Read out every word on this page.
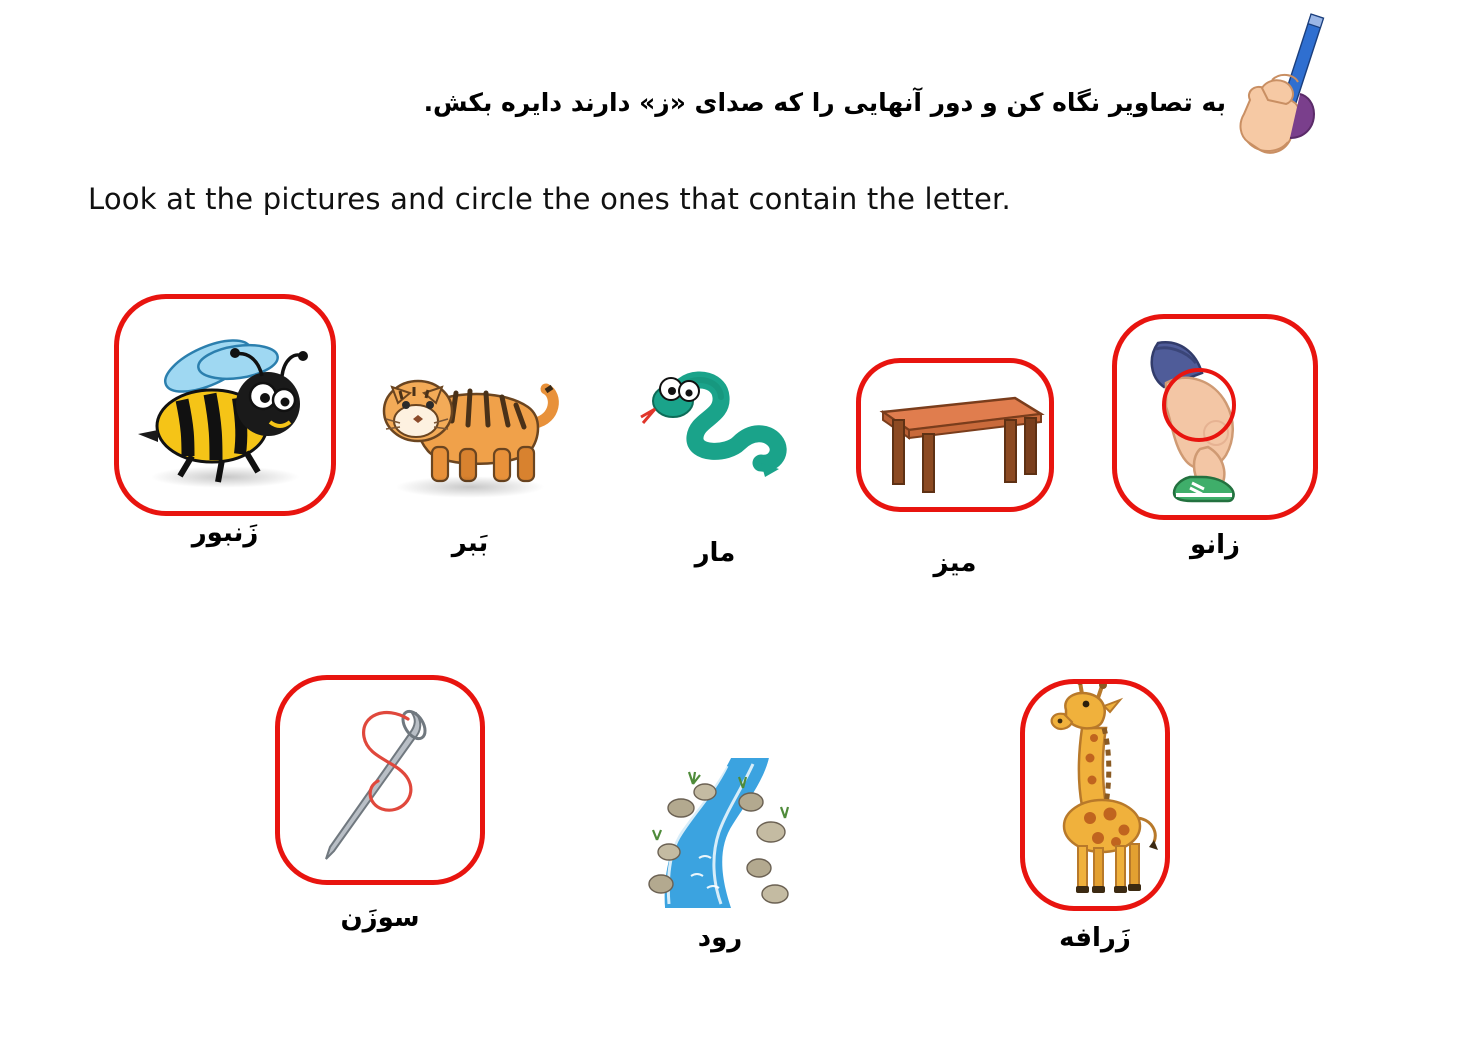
به تصاویر نگاه کن و دور آنهایی را که صدای «ز» دارند دایره بکش.
Look at the pictures and circle the ones that contain the letter.
زَنبور	بَبر	مار	میز
زانو
سوزَن
رود	زَرافه
